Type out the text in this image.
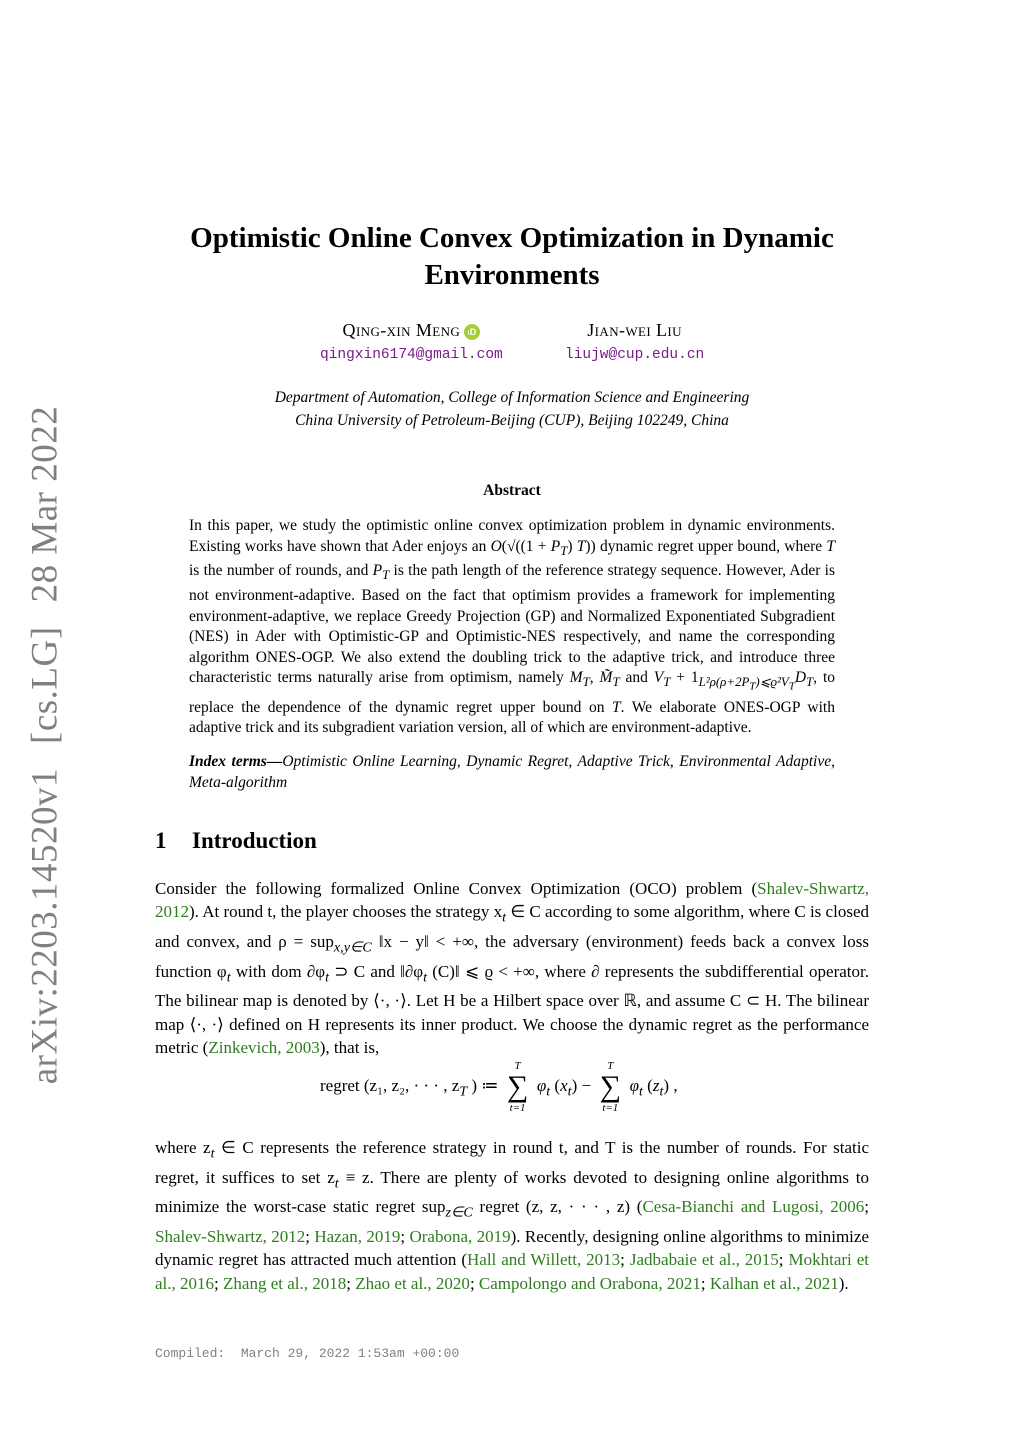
arXiv:2203.14520v1[cs.LG]28 Mar 2022
Optimistic Online Convex Optimization in Dynamic
Environments
Qing-xin Meng iD
qingxin6174@gmail.com
Jian-wei Liu
liujw@cup.edu.cn
Department of Automation, College of Information Science and Engineering
China University of Petroleum-Beijing (CUP), Beijing 102249, China
Abstract
In this paper, we study the optimistic online convex optimization problem in dynamic environments. Existing works have shown that Ader enjoys an $O(√((1 + P_T)$ T)) dynamic regret upper bound, where T is the number of rounds, and $P_T$ is the path length of the reference strategy sequence. However, Ader is not environment-adaptive. Based on the fact that optimism provides a framework for implementing environment-adaptive, we replace Greedy Projection (GP) and Normalized Exponentiated Subgradient (NES) in Ader with Optimistic-GP and Optimistic-NES respectively, and name the corresponding algorithm ONES-OGP. We also extend the doubling trick to the adaptive trick, and introduce three characteristic terms naturally arise from optimism, namely $M_T$, $M̃_T$ and $V_T + 1_{L^2\rho(\rho+2P_T)⩽ϱ^2V_T}D_T$, to replace the dependence of the dynamic regret upper bound on T. We elaborate ONES-OGP with adaptive trick and its subgradient variation version, all of which are environment-adaptive.
Index terms—Optimistic Online Learning, Dynamic Regret, Adaptive Trick, Environmental Adaptive, Meta-algorithm
1 Introduction
Consider the following formalized Online Convex Optimization (OCO) problem (Shalev-Shwartz, 2012). At round t, the player chooses the strategy $x_t$ ∈ C according to some algorithm, where C is closed and convex, and ρ = sup$_{x,y\in C}$ ‖x − y‖ < +∞, the adversary (environment) feeds back a convex loss function $\varphi_t$ with dom $\partial\varphi_t$ ⊃ C and $‖\partial\varphi_t$ (C)‖ ⩽ ϱ < +∞, where ∂ represents the subdifferential operator. The bilinear map is denoted by ⟨·, ·⟩. Let H be a Hilbert space over ℝ, and assume C ⊂ H. The bilinear map ⟨·, ·⟩ defined on H represents its inner product. We choose the dynamic regret as the performance metric (Zinkevich, 2003), that is,
regret (z₁, z₂, · · · , $z_T$ ) ≔
T
∑
t=1
$\varphi_t$ $(x_t)$ −
T
∑
t=1
$\varphi_t$ $(z_t)$ ,
where $z_t$ ∈ C represents the reference strategy in round t, and T is the number of rounds. For static regret, it suffices to set $z_t \equiv z$. There are plenty of works devoted to designing online algorithms to minimize the worst-case static regret sup$_{z\in C}$ regret (z, z, · · · , z) (Cesa-Bianchi and Lugosi, 2006; Shalev-Shwartz, 2012; Hazan, 2019; Orabona, 2019). Recently, designing online algorithms to minimize dynamic regret has attracted much attention (Hall and Willett, 2013; Jadbabaie et al., 2015; Mokhtari et al., 2016; Zhang et al., 2018; Zhao et al., 2020; Campolongo and Orabona, 2021; Kalhan et al., 2021).
Compiled:  March 29, 2022 1:53am +00:00
